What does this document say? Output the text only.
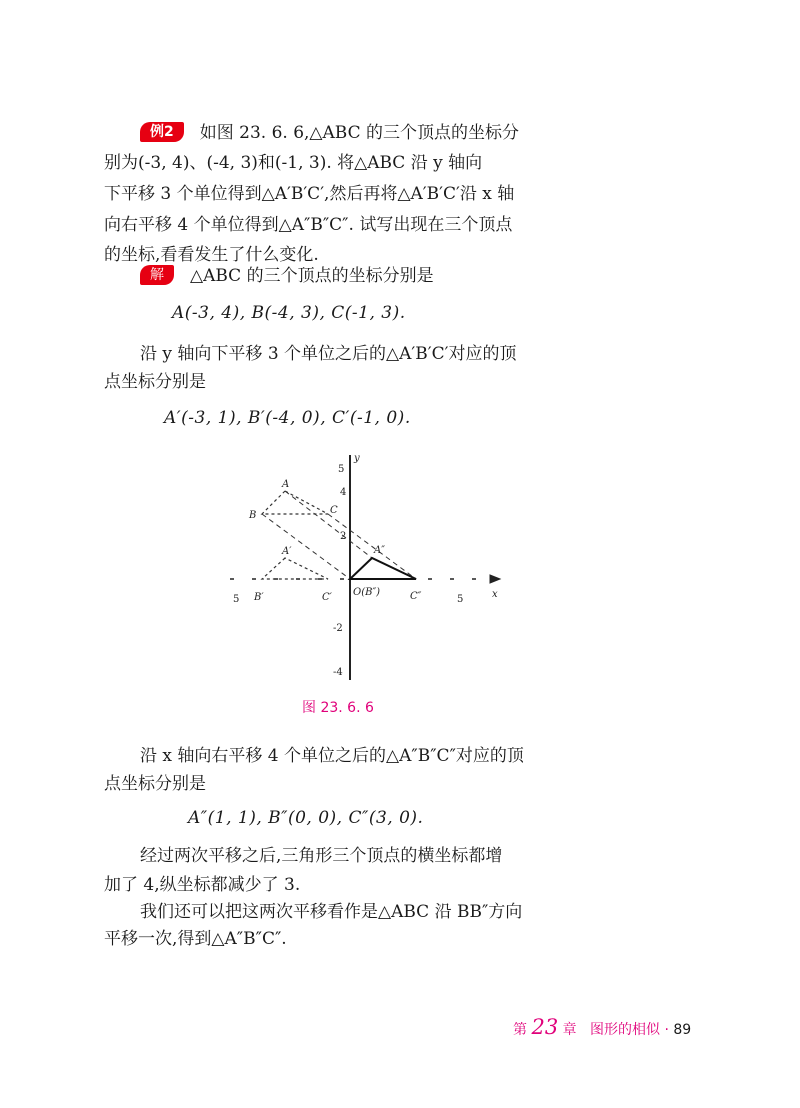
例2 如图 23. 6. 6,△ABC 的三个顶点的坐标分
别为(-3, 4)、(-4, 3)和(-1, 3). 将△ABC 沿 y 轴向
下平移 3 个单位得到△A′B′C′,然后再将△A′B′C′沿 x 轴
向右平移 4 个单位得到△A″B″C″. 试写出现在三个顶点
的坐标,看看发生了什么变化.
解 △ABC 的三个顶点的坐标分别是
A(-3, 4), B(-4, 3), C(-1, 3).
沿 y 轴向下平移 3 个单位之后的△A′B′C′对应的顶
点坐标分别是
A′(-3, 1), B′(-4, 0), C′(-1, 0).
y
5
4
2
-2
-4
5	5	x
A
B	C
A′
B′	C′
A″
O(B″)	C″
图 23. 6. 6
沿 x 轴向右平移 4 个单位之后的△A″B″C″对应的顶
点坐标分别是
A″(1, 1), B″(0, 0), C″(3, 0).
经过两次平移之后,三角形三个顶点的横坐标都增
加了 4,纵坐标都减少了 3.
我们还可以把这两次平移看作是△ABC 沿 BB″方向
平移一次,得到△A″B″C″.
第 23 章 图形的相似 · 89
